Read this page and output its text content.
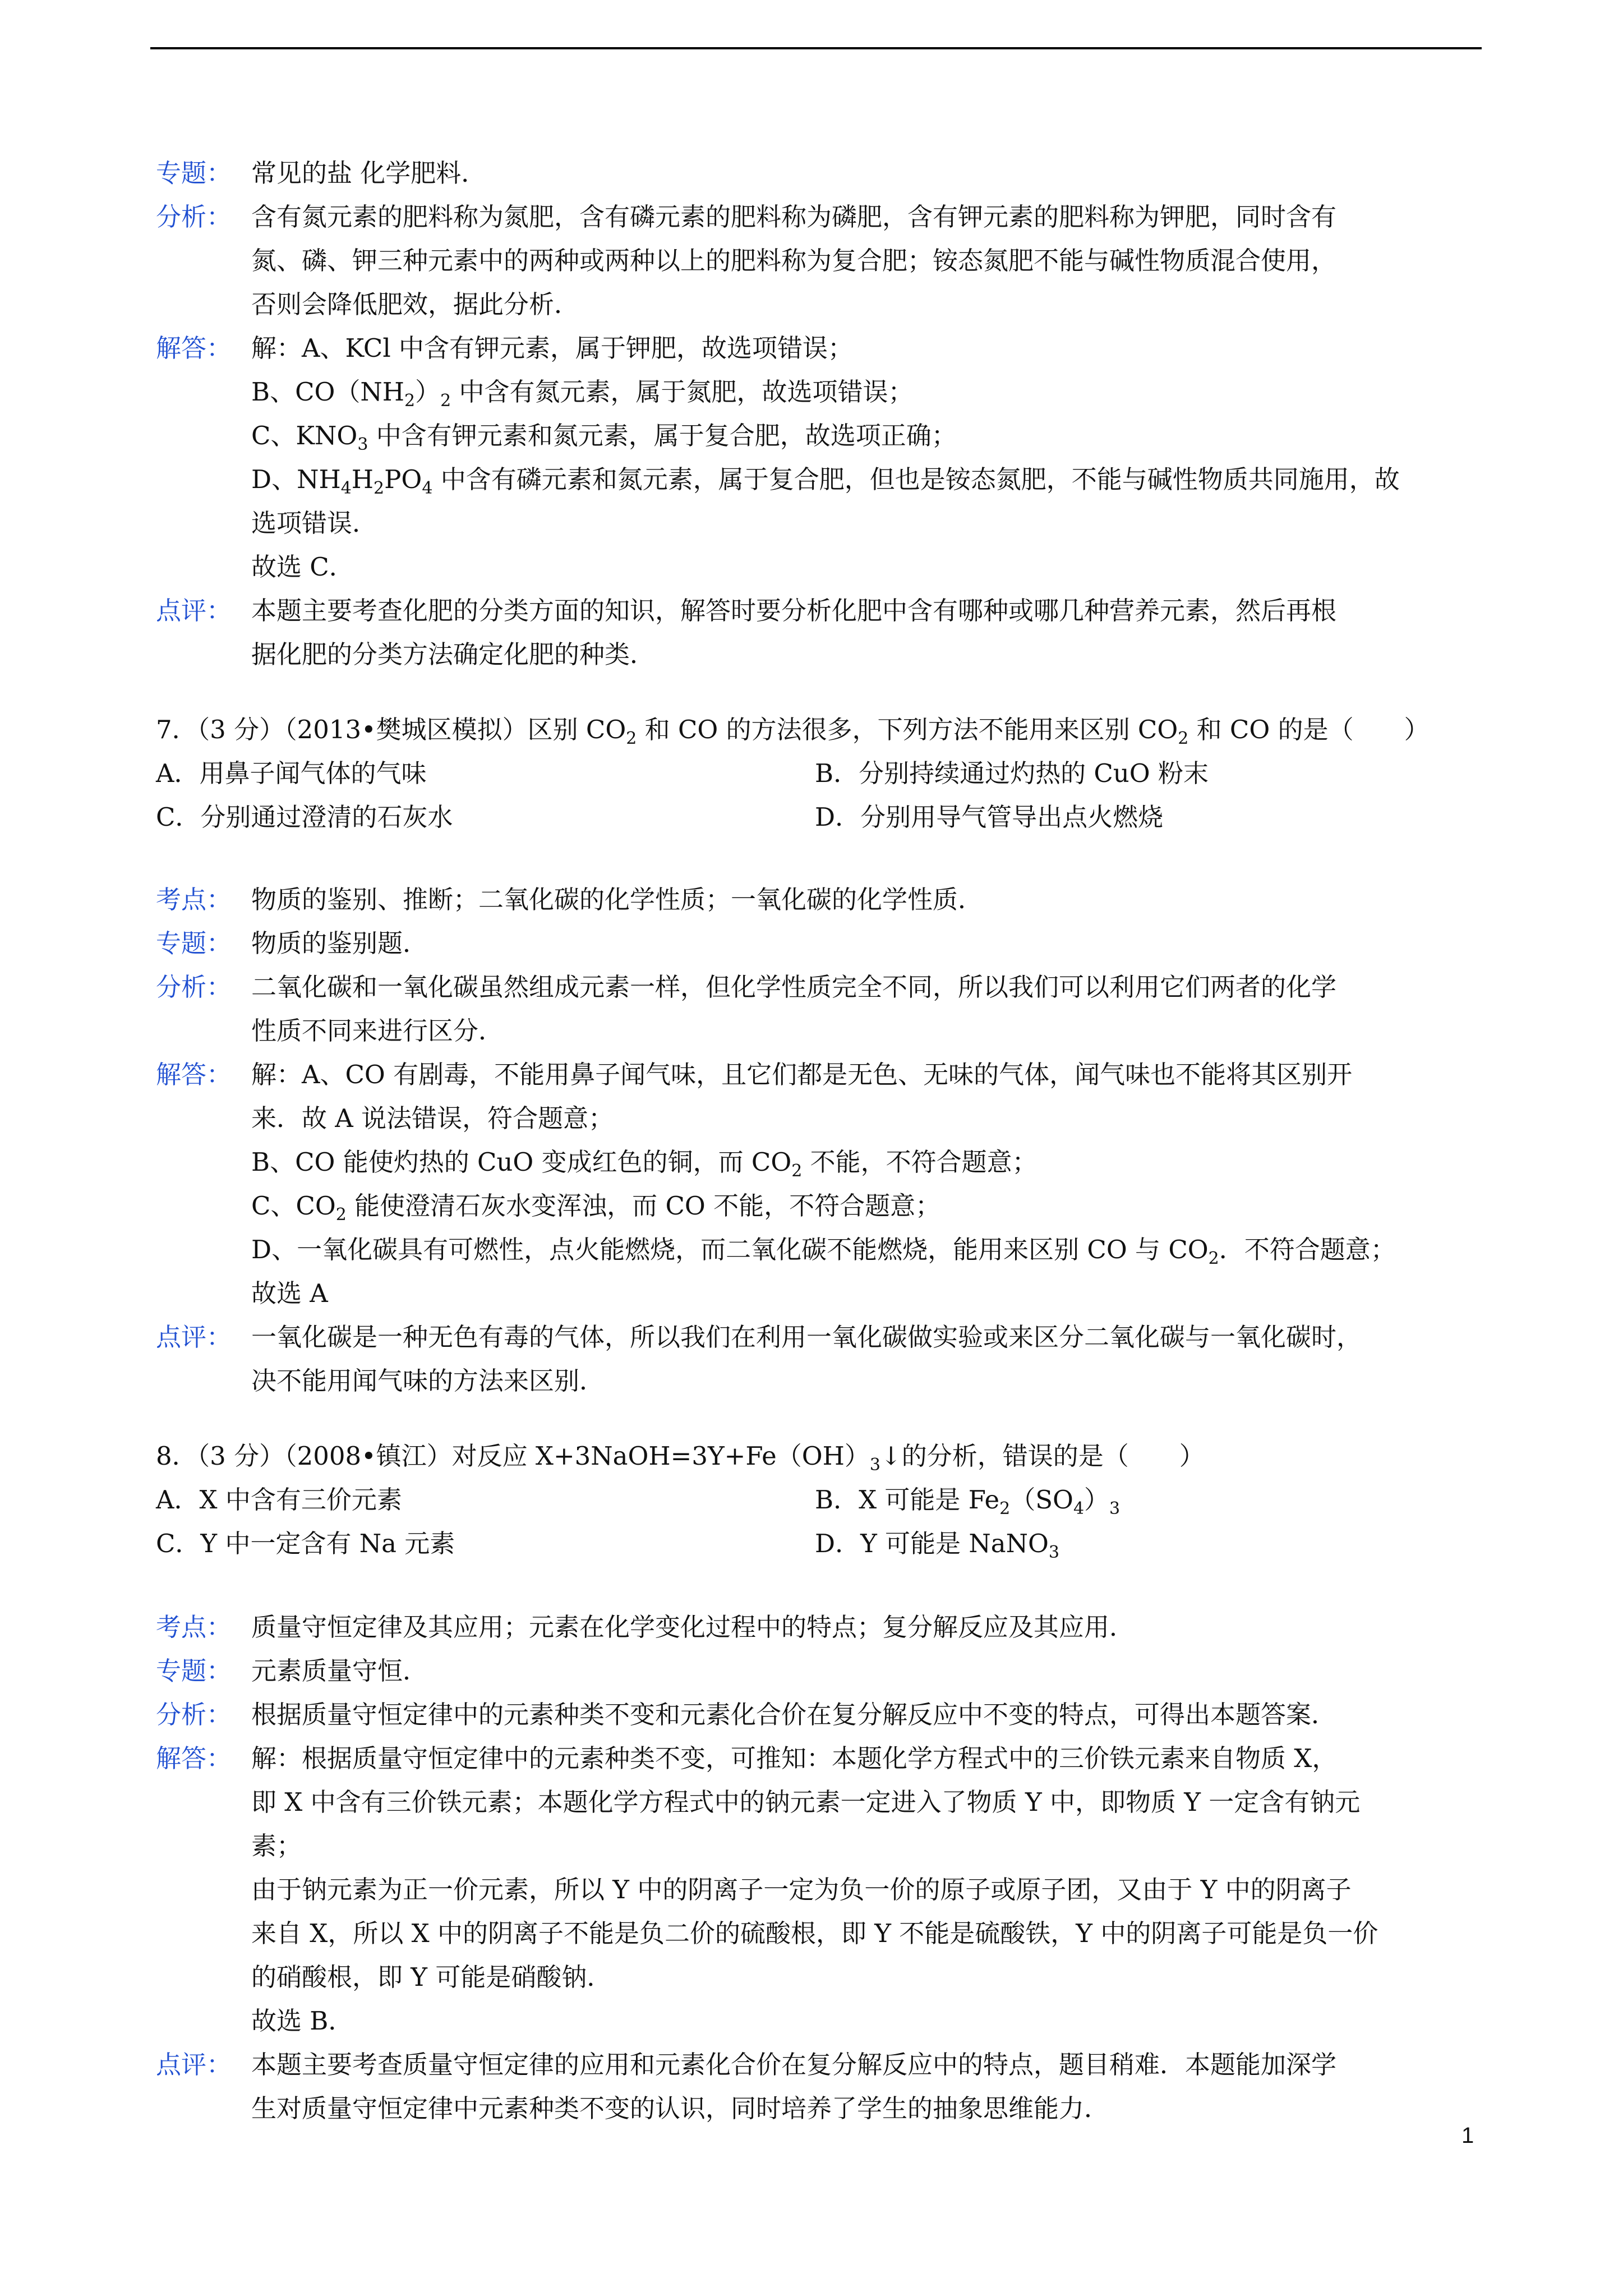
专题： 常见的盐 化学肥料．
分析： 含有氮元素的肥料称为氮肥，含有磷元素的肥料称为磷肥，含有钾元素的肥料称为钾肥，同时含有
氮、磷、钾三种元素中的两种或两种以上的肥料称为复合肥；铵态氮肥不能与碱性物质混合使用，
否则会降低肥效，据此分析．
解答： 解：A、KCl 中含有钾元素，属于钾肥，故选项错误；
B、$CO(NH_2)_2$ 中含有氮元素，属于氮肥，故选项错误；
C、$KNO_3$ 中含有钾元素和氮元素，属于复合肥，故选项正确；
D、$NH_4H_2PO_4$ 中含有磷元素和氮元素，属于复合肥，但也是铵态氮肥，不能与碱性物质共同施用，故
选项错误．
故选 C．
点评： 本题主要考查化肥的分类方面的知识，解答时要分析化肥中含有哪种或哪几种营养元素，然后再根
据化肥的分类方法确定化肥的种类．
7．（3 分）（2013•樊城区模拟）区别 $CO_2$ 和 CO 的方法很多，下列方法不能用来区别 $CO_2$ 和 CO 的是（　　）
A．用鼻子闻气体的气味	B．分别持续通过灼热的 CuO 粉末
C．分别通过澄清的石灰水	D．分别用导气管导出点火燃烧
考点： 物质的鉴别、推断；二氧化碳的化学性质；一氧化碳的化学性质．
专题： 物质的鉴别题．
分析： 二氧化碳和一氧化碳虽然组成元素一样，但化学性质完全不同，所以我们可以利用它们两者的化学
性质不同来进行区分．
解答： 解：A、CO 有剧毒，不能用鼻子闻气味，且它们都是无色、无味的气体，闻气味也不能将其区别开
来．故 A 说法错误，符合题意；
B、CO 能使灼热的 CuO 变成红色的铜，而 $CO_2$ 不能，不符合题意；
C、$CO_2$ 能使澄清石灰水变浑浊，而 CO 不能，不符合题意；
D、一氧化碳具有可燃性，点火能燃烧，而二氧化碳不能燃烧，能用来区别 CO 与 $CO_2$．不符合题意；
故选 A
点评： 一氧化碳是一种无色有毒的气体，所以我们在利用一氧化碳做实验或来区分二氧化碳与一氧化碳时，
决不能用闻气味的方法来区别．
8．（3 分）（2008•镇江）对反应 $X+3NaOH=3Y+Fe(OH)_3↓$的分析，错误的是（　　）
A．X 中含有三价元素	B．X 可能是 $Fe_2(SO_4)_3$
C．Y 中一定含有 Na 元素	D．Y 可能是 NaNO$_3$
考点： 质量守恒定律及其应用；元素在化学变化过程中的特点；复分解反应及其应用．
专题： 元素质量守恒．
分析： 根据质量守恒定律中的元素种类不变和元素化合价在复分解反应中不变的特点，可得出本题答案．
解答： 解：根据质量守恒定律中的元素种类不变，可推知：本题化学方程式中的三价铁元素来自物质 X，
即 X 中含有三价铁元素；本题化学方程式中的钠元素一定进入了物质 Y 中，即物质 Y 一定含有钠元
素；
由于钠元素为正一价元素，所以 Y 中的阴离子一定为负一价的原子或原子团，又由于 Y 中的阴离子
来自 X，所以 X 中的阴离子不能是负二价的硫酸根，即 Y 不能是硫酸铁，Y 中的阴离子可能是负一价
的硝酸根，即 Y 可能是硝酸钠．
故选 B．
点评： 本题主要考查质量守恒定律的应用和元素化合价在复分解反应中的特点，题目稍难．本题能加深学
生对质量守恒定律中元素种类不变的认识，同时培养了学生的抽象思维能力．
1
